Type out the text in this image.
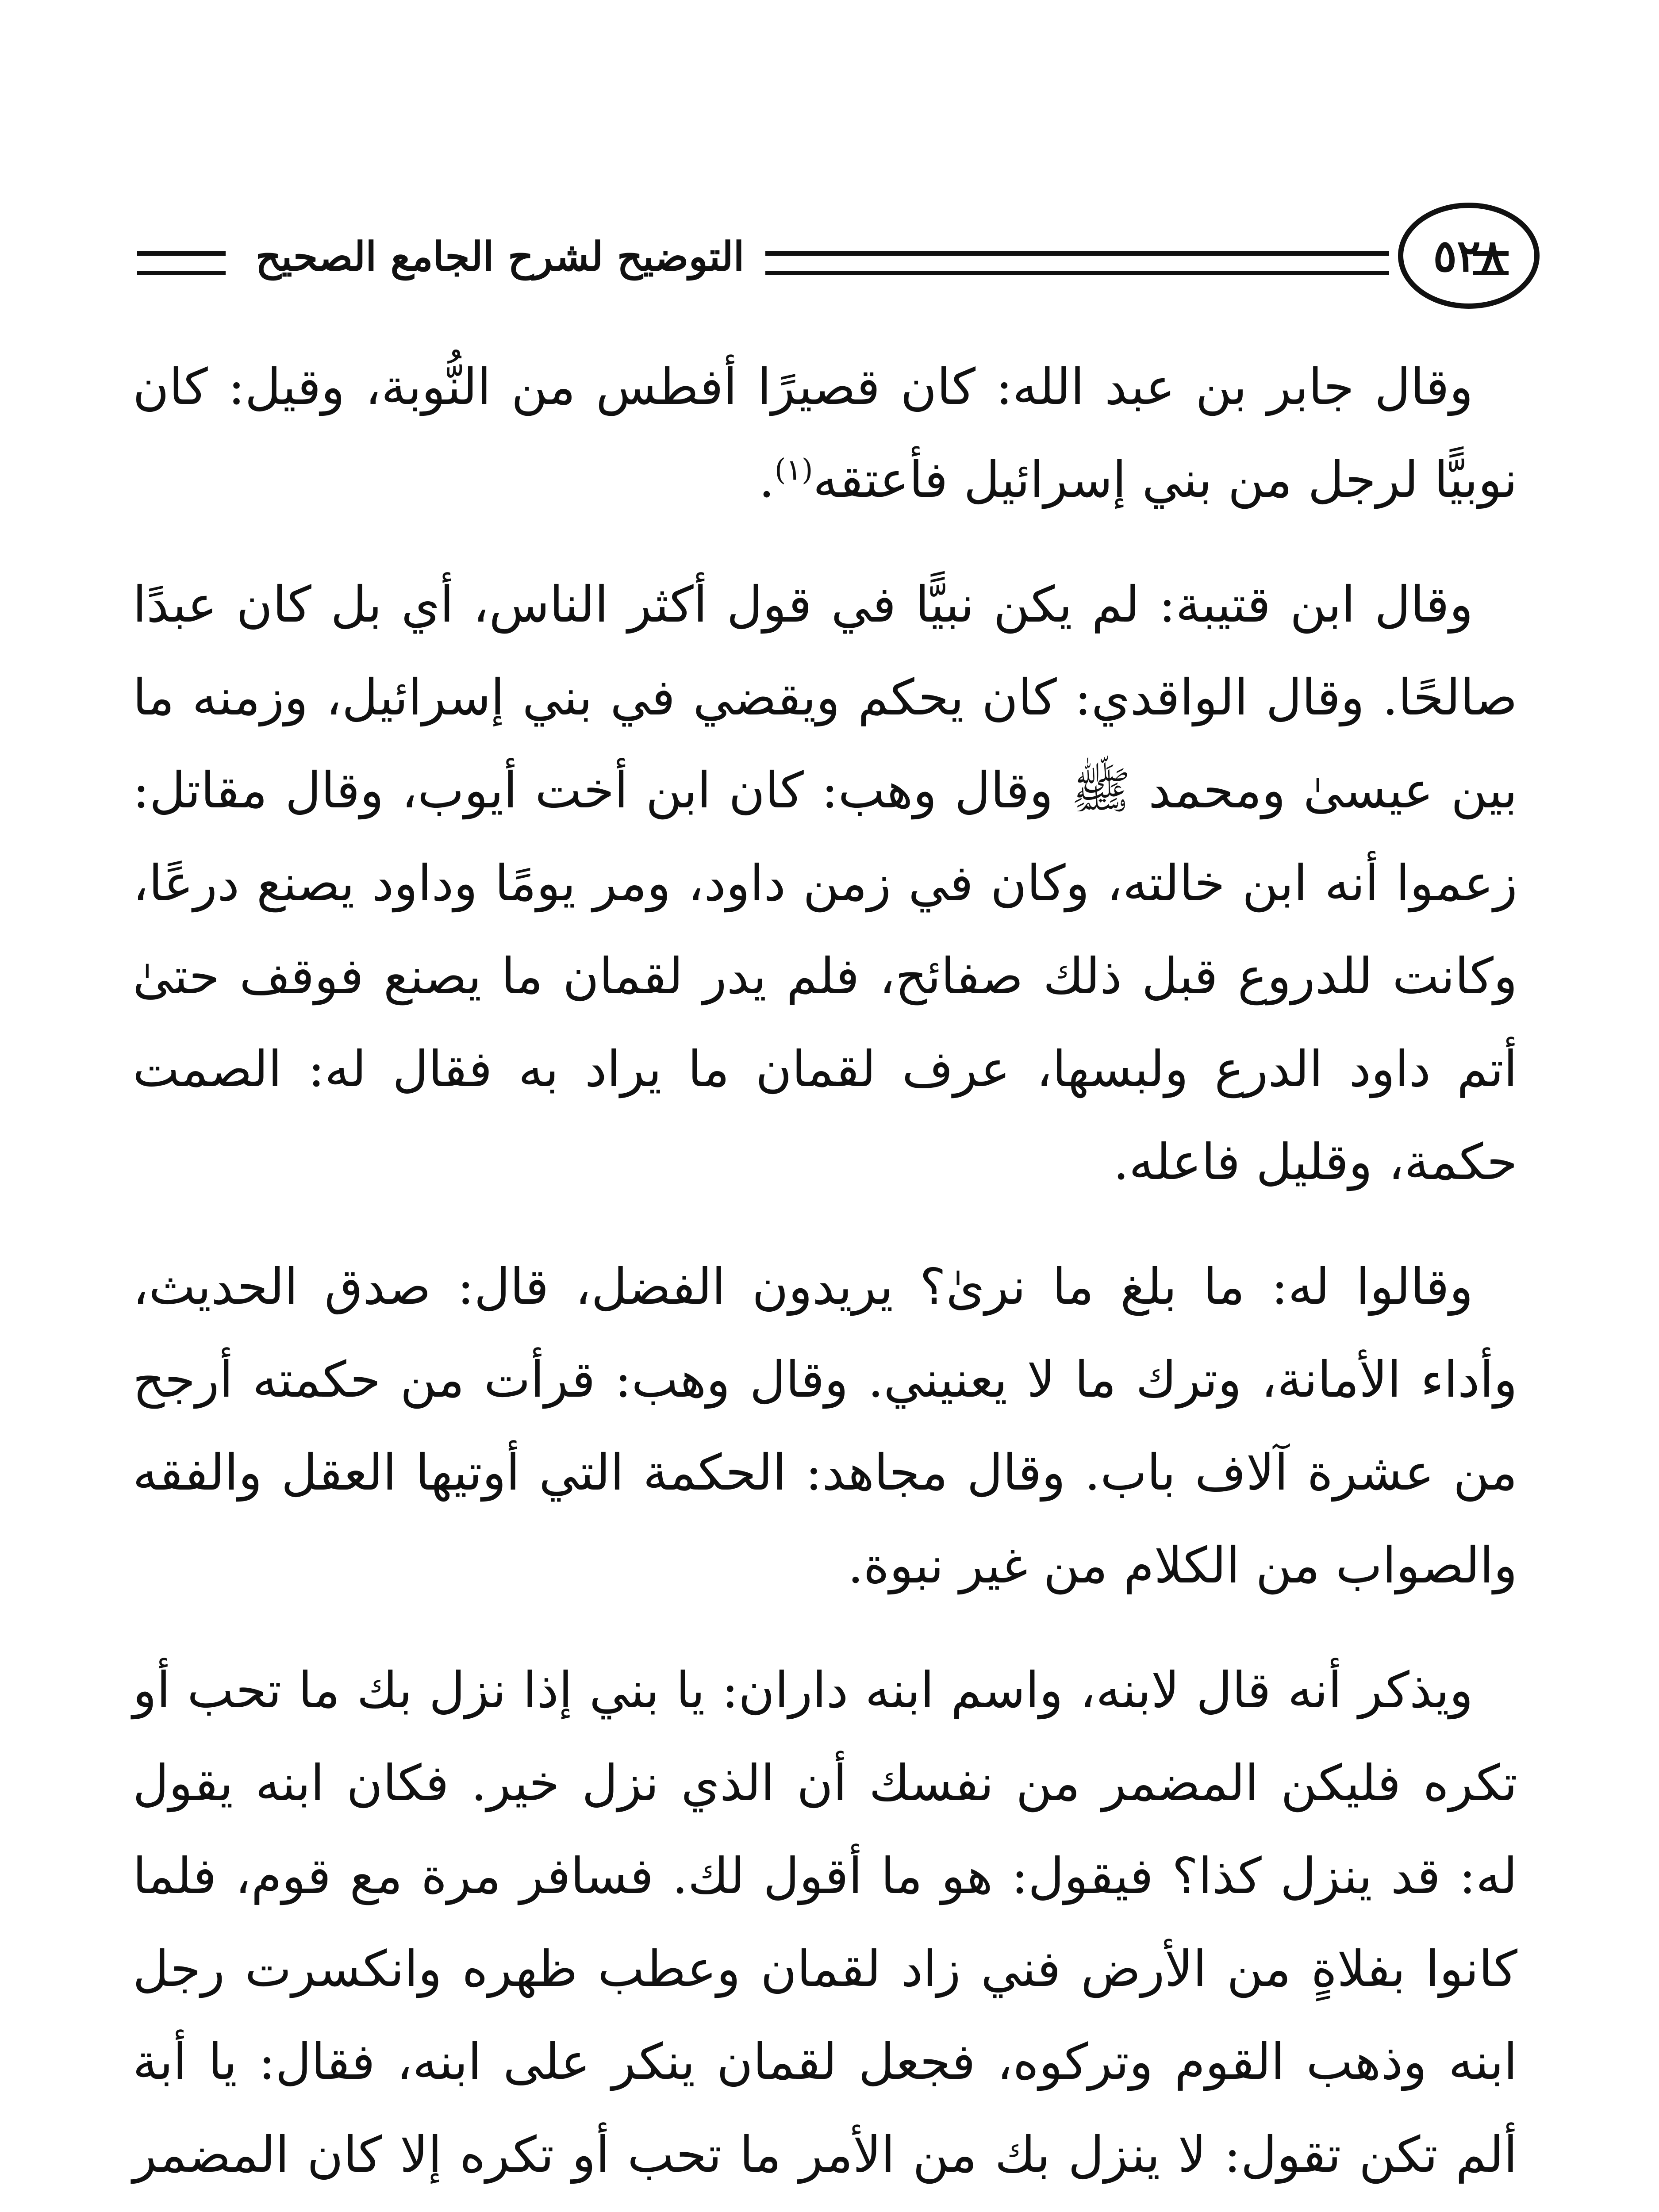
التوضيح لشرح الجامع الصحيح	٥٢٨

وقال جابر بن عبد الله: كان قصيرًا أفطس من النُّوبة، وقيل: كان نوبيًّا لرجل من بني إسرائيل فأعتقه$^{(١)}$.

وقال ابن قتيبة: لم يكن نبيًّا في قول أكثر الناس، أي بل كان عبدًا صالحًا. وقال الواقدي: كان يحكم ويقضي في بني إسرائيل، وزمنه ما بين عيسىٰ ومحمد ﷺ وقال وهب: كان ابن أخت أيوب، وقال مقاتل: زعموا أنه ابن خالته، وكان في زمن داود، ومر يومًا وداود يصنع درعًا، وكانت للدروع قبل ذلك صفائح، فلم يدر لقمان ما يصنع فوقف حتىٰ أتم داود الدرع ولبسها، عرف لقمان ما يراد به فقال له: الصمت حكمة، وقليل فاعله.

وقالوا له: ما بلغ ما نرىٰ؟ يريدون الفضل، قال: صدق الحديث، وأداء الأمانة، وترك ما لا يعنيني. وقال وهب: قرأت من حكمته أرجح من عشرة آلاف باب. وقال مجاهد: الحكمة التي أوتيها العقل والفقه والصواب من الكلام من غير نبوة.

ويذكر أنه قال لابنه، واسم ابنه داران: يا بني إذا نزل بك ما تحب أو تكره فليكن المضمر من نفسك أن الذي نزل خير. فكان ابنه يقول له: قد ينزل كذا؟ فيقول: هو ما أقول لك. فسافر مرة مع قوم، فلما كانوا بفلاةٍ من الأرض فني زاد لقمان وعطب ظهره وانكسرت رجل ابنه وذهب القوم وتركوه، فجعل لقمان ينكر على ابنه، فقال: يا أبة ألم تكن تقول: لا ينزل بك من الأمر ما تحب أو تكره إلا كان المضمر
